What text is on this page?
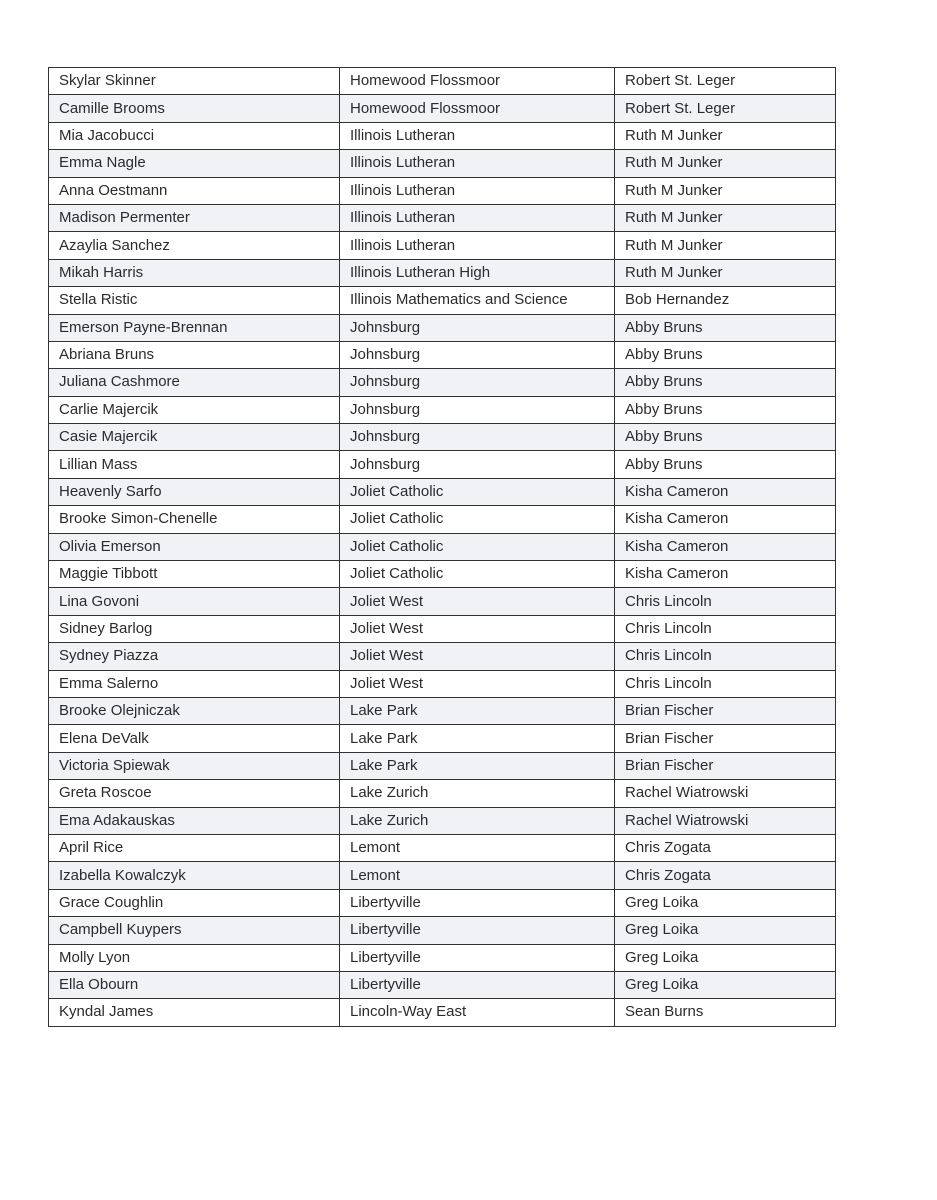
Skylar Skinner	Homewood Flossmoor	Robert St. Leger
Camille Brooms	Homewood Flossmoor	Robert St. Leger
Mia Jacobucci	Illinois Lutheran	Ruth M Junker
Emma Nagle	Illinois Lutheran	Ruth M Junker
Anna Oestmann	Illinois Lutheran	Ruth M Junker
Madison Permenter	Illinois Lutheran	Ruth M Junker
Azaylia Sanchez	Illinois Lutheran	Ruth M Junker
Mikah Harris	Illinois Lutheran High	Ruth M Junker
Stella Ristic	Illinois Mathematics and Science	Bob Hernandez
Emerson Payne-Brennan	Johnsburg	Abby Bruns
Abriana Bruns	Johnsburg	Abby Bruns
Juliana Cashmore	Johnsburg	Abby Bruns
Carlie Majercik	Johnsburg	Abby Bruns
Casie Majercik	Johnsburg	Abby Bruns
Lillian Mass	Johnsburg	Abby Bruns
Heavenly Sarfo	Joliet Catholic	Kisha Cameron
Brooke Simon-Chenelle	Joliet Catholic	Kisha Cameron
Olivia Emerson	Joliet Catholic	Kisha Cameron
Maggie Tibbott	Joliet Catholic	Kisha Cameron
Lina Govoni	Joliet West	Chris Lincoln
Sidney Barlog	Joliet West	Chris Lincoln
Sydney Piazza	Joliet West	Chris Lincoln
Emma Salerno	Joliet West	Chris Lincoln
Brooke Olejniczak	Lake Park	Brian Fischer
Elena DeValk	Lake Park	Brian Fischer
Victoria Spiewak	Lake Park	Brian Fischer
Greta Roscoe	Lake Zurich	Rachel Wiatrowski
Ema Adakauskas	Lake Zurich	Rachel Wiatrowski
April Rice	Lemont	Chris Zogata
Izabella Kowalczyk	Lemont	Chris Zogata
Grace Coughlin	Libertyville	Greg Loika
Campbell Kuypers	Libertyville	Greg Loika
Molly Lyon	Libertyville	Greg Loika
Ella Obourn	Libertyville	Greg Loika
Kyndal James	Lincoln-Way East	Sean Burns
